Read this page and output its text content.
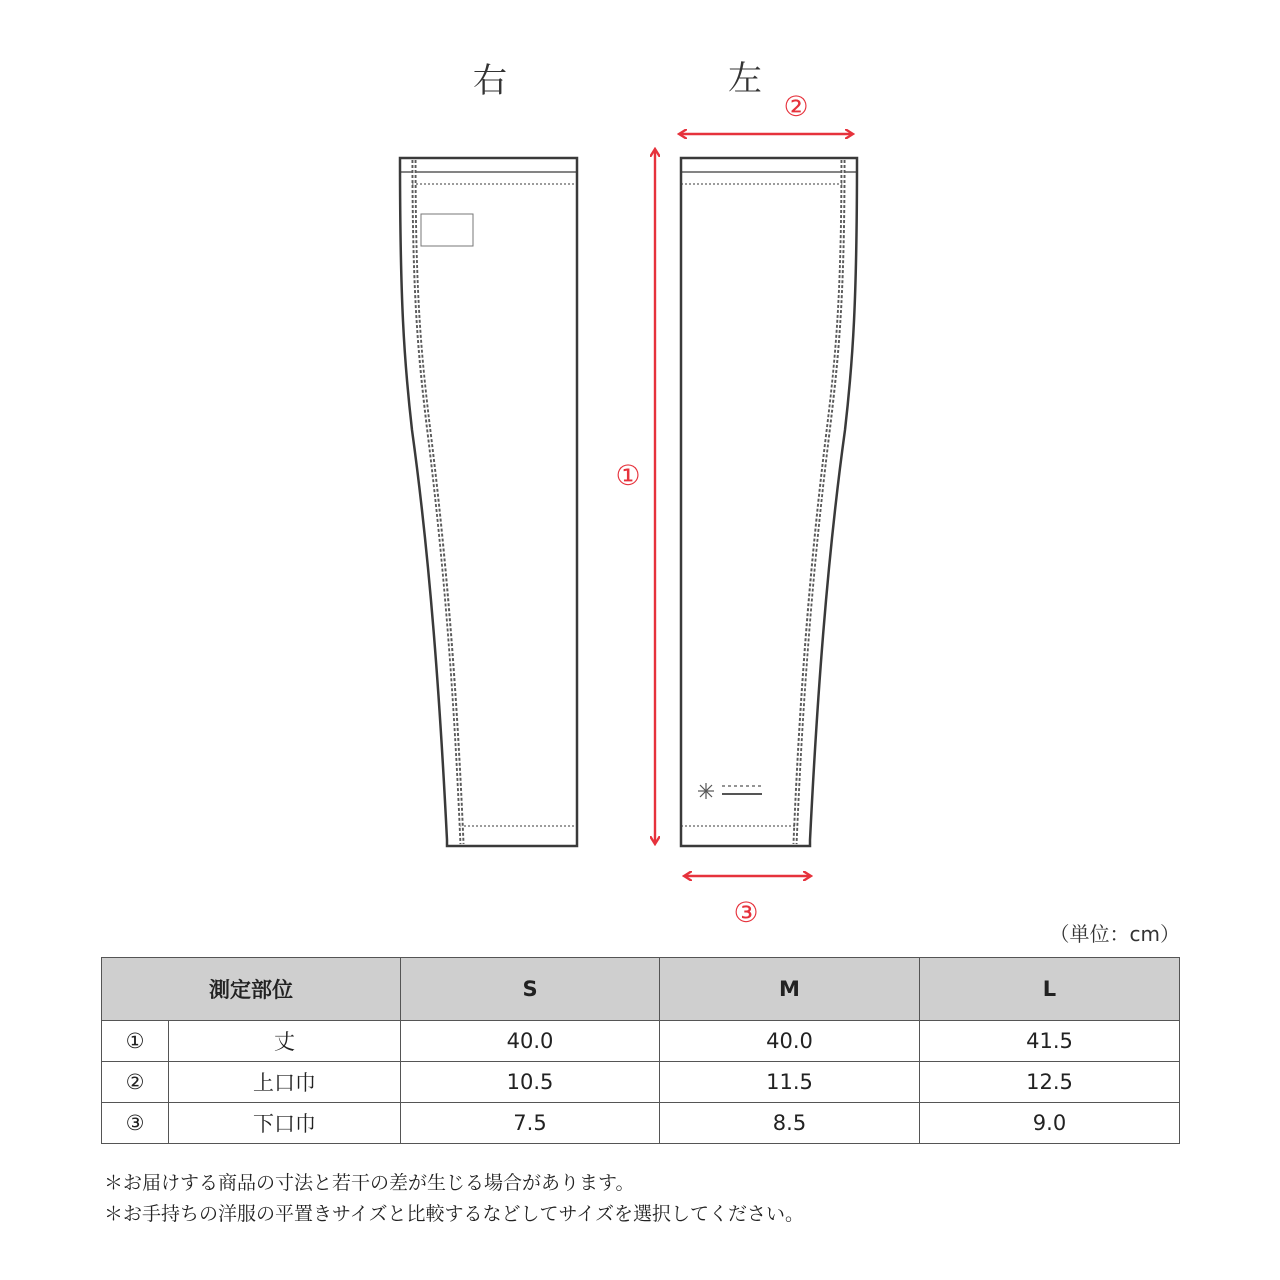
右	左
①
②
③
（単位：cm）
測定部位		S	M	L
①	丈	40.0	40.0	41.5
②	上口巾	10.5	11.5	12.5
③	下口巾	7.5	8.5	9.0
＊お届けする商品の寸法と若干の差が生じる場合があります。
＊お手持ちの洋服の平置きサイズと比較するなどしてサイズを選択してください。
